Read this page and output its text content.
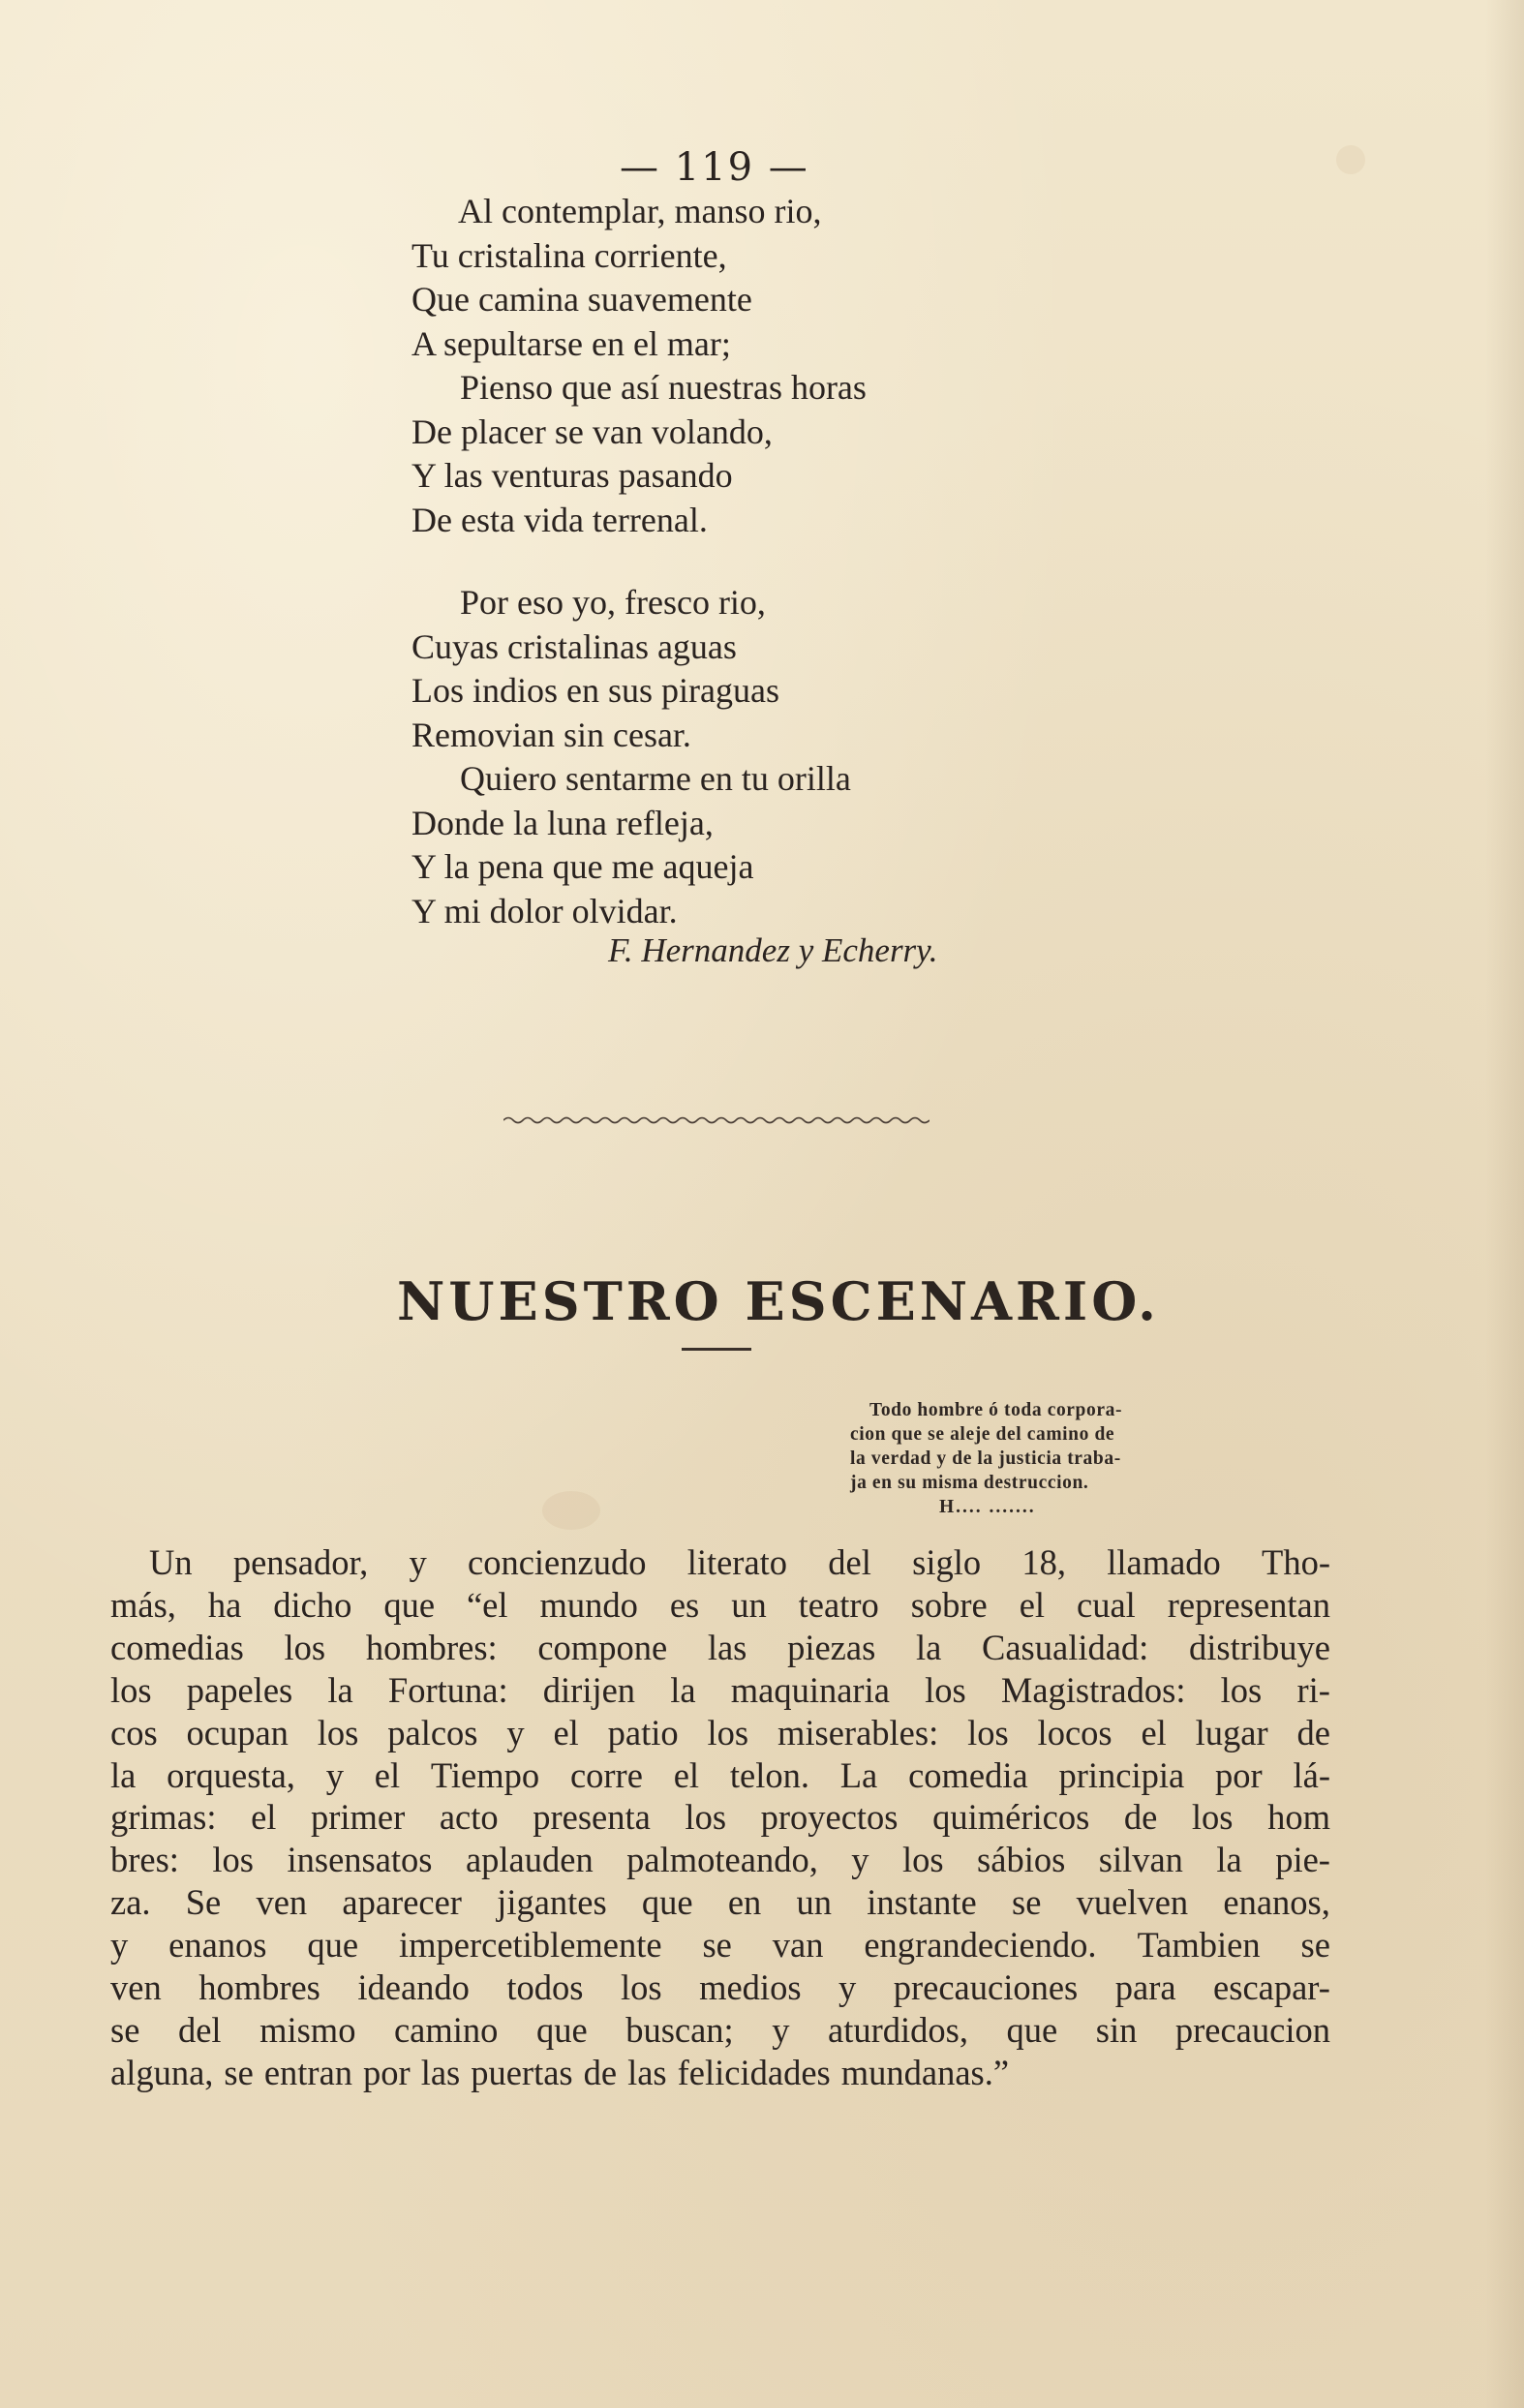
— 119 —
Al contemplar, manso rio,
Tu cristalina corriente,
Que camina suavemente
A sepultarse en el mar;
Pienso que así nuestras horas
De placer se van volando,
Y las venturas pasando
De esta vida terrenal.
Por eso yo, fresco rio,
Cuyas cristalinas aguas
Los indios en sus piraguas
Removian sin cesar.
Quiero sentarme en tu orilla
Donde la luna refleja,
Y la pena que me aqueja
Y mi dolor olvidar.
F. Hernandez y Echerry.
NUESTRO ESCENARIO.
Todo hombre ó toda corpora-
cion que se aleje del camino de
la verdad y de la justicia traba-
ja en su misma destruccion.
H.... .......
Un pensador, y concienzudo literato del siglo 18, llamado Tho-
más, ha dicho que “el mundo es un teatro sobre el cual representan
comedias los hombres: compone las piezas la Casualidad: distribuye
los papeles la Fortuna: dirijen la maquinaria los Magistrados: los ri-
cos ocupan los palcos y el patio los miserables: los locos el lugar de
la orquesta, y el Tiempo corre el telon. La comedia principia por lá-
grimas: el primer acto presenta los proyectos quiméricos de los hom
bres: los insensatos aplauden palmoteando, y los sábios silvan la pie-
za. Se ven aparecer jigantes que en un instante se vuelven enanos,
y enanos que impercetiblemente se van engrandeciendo. Tambien se
ven hombres ideando todos los medios y precauciones para escapar-
se del mismo camino que buscan; y aturdidos, que sin precaucion
alguna, se entran por las puertas de las felicidades mundanas.”
